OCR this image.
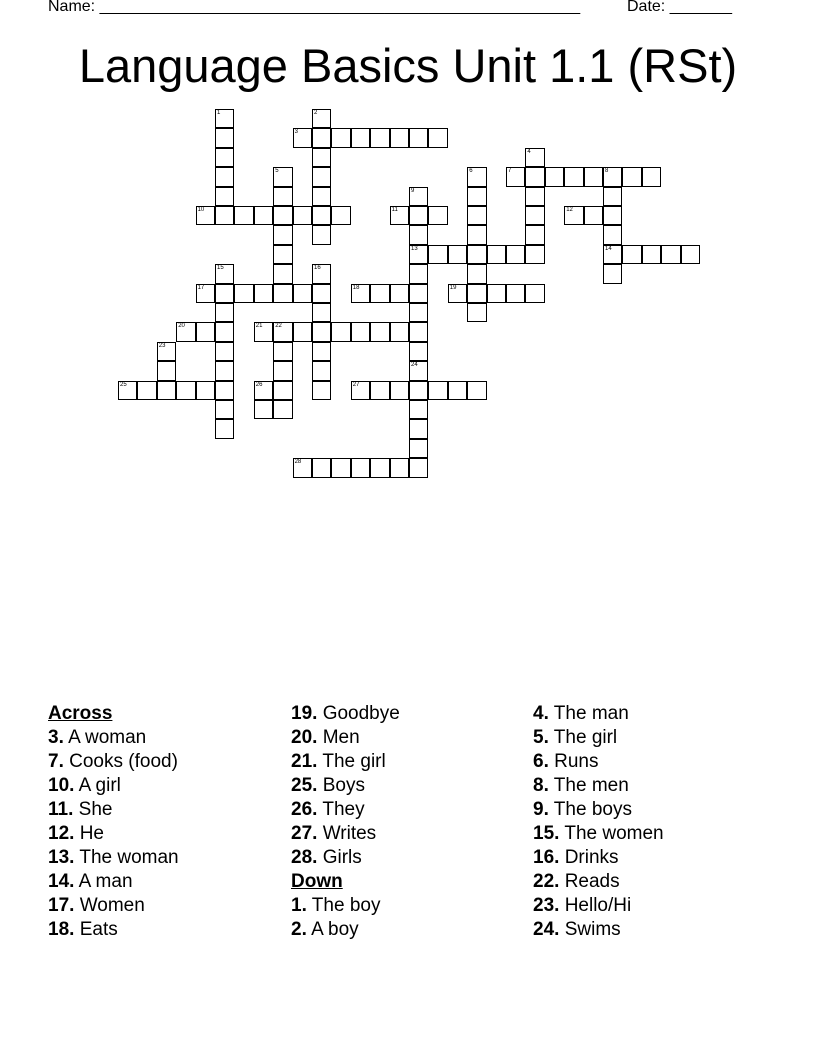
Name: ______________________________________________________	Date: _______
Language Basics Unit 1.1 (RSt)
1	2
3
4
5	6	7	8
14
9
13
24
10	11	12
15	16
17	18	19
20	21 22
23
25	26	27
28
Across
3. A woman
7. Cooks (food)
10. A girl
11. She
12. He
13. The woman
14. A man
17. Women
18. Eats
19. Goodbye
20. Men
21. The girl
25. Boys
26. They
27. Writes
28. Girls
Down
1. The boy
2. A boy
4. The man
5. The girl
6. Runs
8. The men
9. The boys
15. The women
16. Drinks
22. Reads
23. Hello/Hi
24. Swims
